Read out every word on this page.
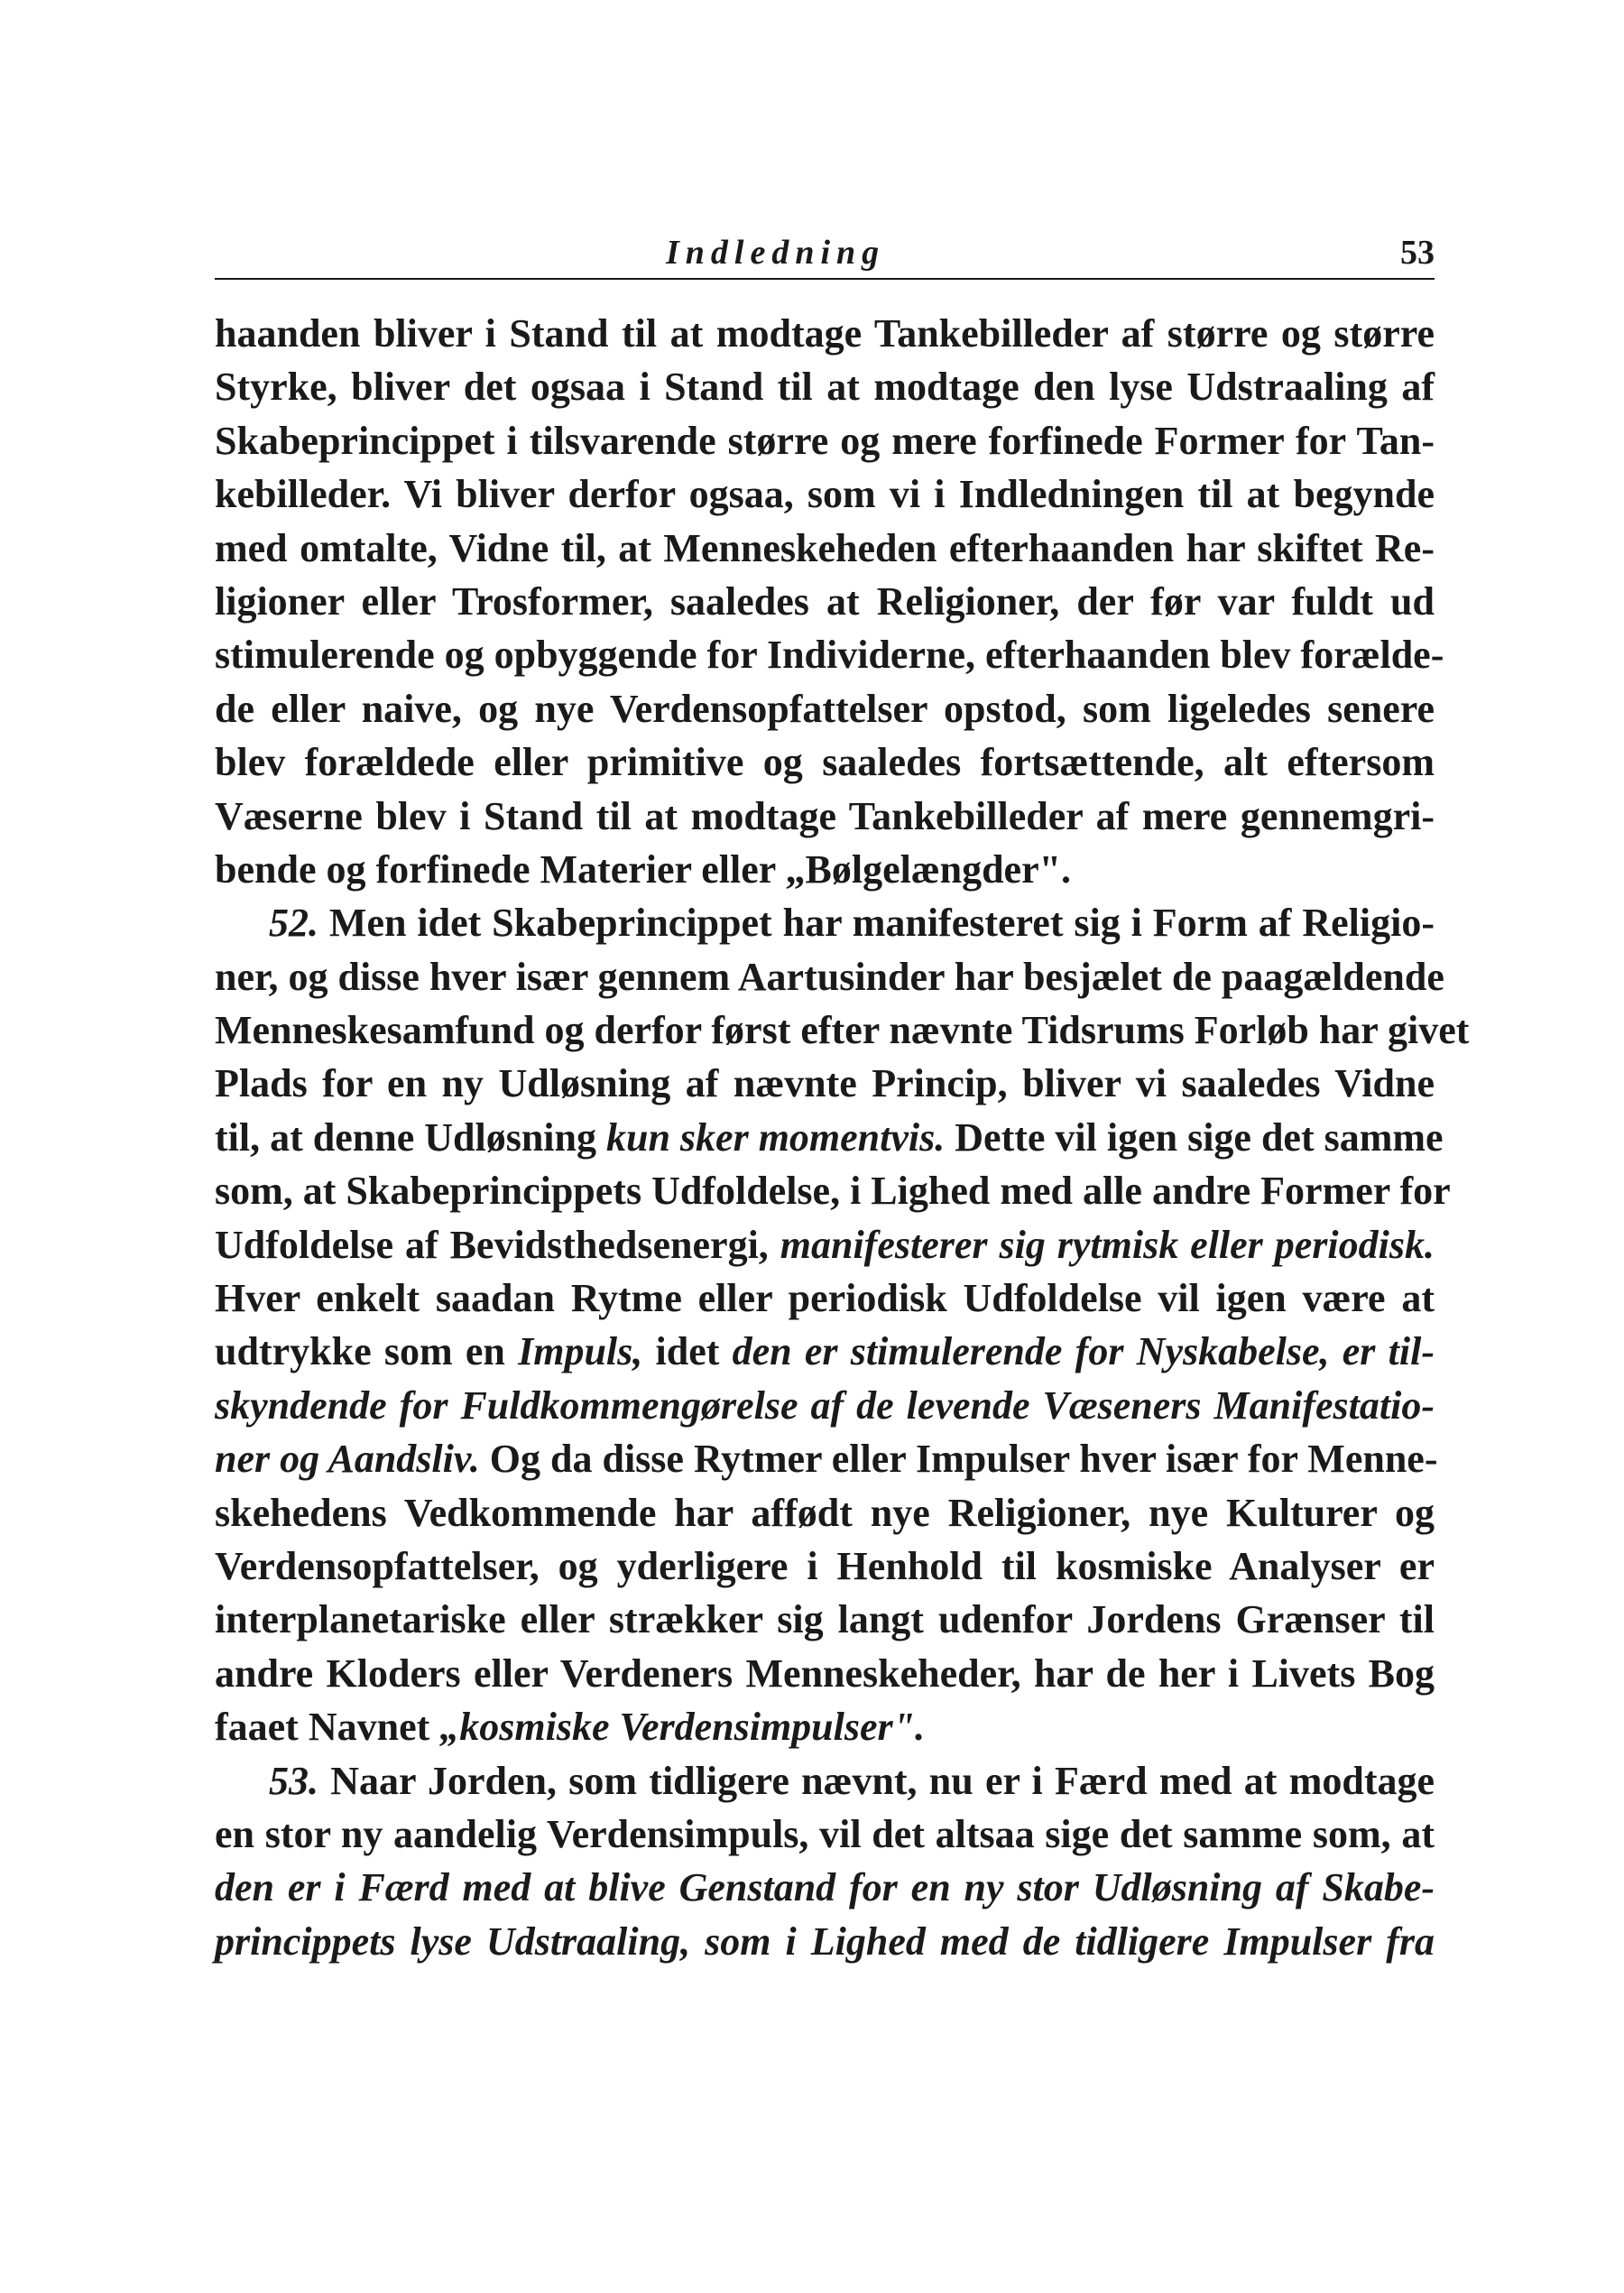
Indledning	53
haanden bliver i Stand til at modtage Tankebilleder af større og større
Styrke, bliver det ogsaa i Stand til at modtage den lyse Udstraaling af
Skabeprincippet i tilsvarende større og mere forfinede Former for Tan-
kebilleder. Vi bliver derfor ogsaa, som vi i Indledningen til at begynde
med omtalte, Vidne til, at Menneskeheden efterhaanden har skiftet Re-
ligioner eller Trosformer, saaledes at Religioner, der før var fuldt ud
stimulerende og opbyggende for Individerne, efterhaanden blev forælde-
de eller naive, og nye Verdensopfattelser opstod, som ligeledes senere
blev forældede eller primitive og saaledes fortsættende, alt eftersom
Væserne blev i Stand til at modtage Tankebilleder af mere gennemgri-
bende og forfinede Materier eller „Bølgelængder".
52. Men idet Skabeprincippet har manifesteret sig i Form af Religio-
ner, og disse hver især gennem Aartusinder har besjælet de paagældende
Menneskesamfund og derfor først efter nævnte Tidsrums Forløb har givet
Plads for en ny Udløsning af nævnte Princip, bliver vi saaledes Vidne
til, at denne Udløsning kun sker momentvis. Dette vil igen sige det samme
som, at Skabeprincippets Udfoldelse, i Lighed med alle andre Former for
Udfoldelse af Bevidsthedsenergi, manifesterer sig rytmisk eller periodisk.
Hver enkelt saadan Rytme eller periodisk Udfoldelse vil igen være at
udtrykke som en Impuls, idet den er stimulerende for Nyskabelse, er til-
skyndende for Fuldkommengørelse af de levende Væseners Manifestatio-
ner og Aandsliv. Og da disse Rytmer eller Impulser hver især for Menne-
skehedens Vedkommende har affødt nye Religioner, nye Kulturer og
Verdensopfattelser, og yderligere i Henhold til kosmiske Analyser er
interplanetariske eller strækker sig langt udenfor Jordens Grænser til
andre Kloders eller Verdeners Menneskeheder, har de her i Livets Bog
faaet Navnet „kosmiske Verdensimpulser".
53. Naar Jorden, som tidligere nævnt, nu er i Færd med at modtage
en stor ny aandelig Verdensimpuls, vil det altsaa sige det samme som, at
den er i Færd med at blive Genstand for en ny stor Udløsning af Skabe-
princippets lyse Udstraaling, som i Lighed med de tidligere Impulser fra
